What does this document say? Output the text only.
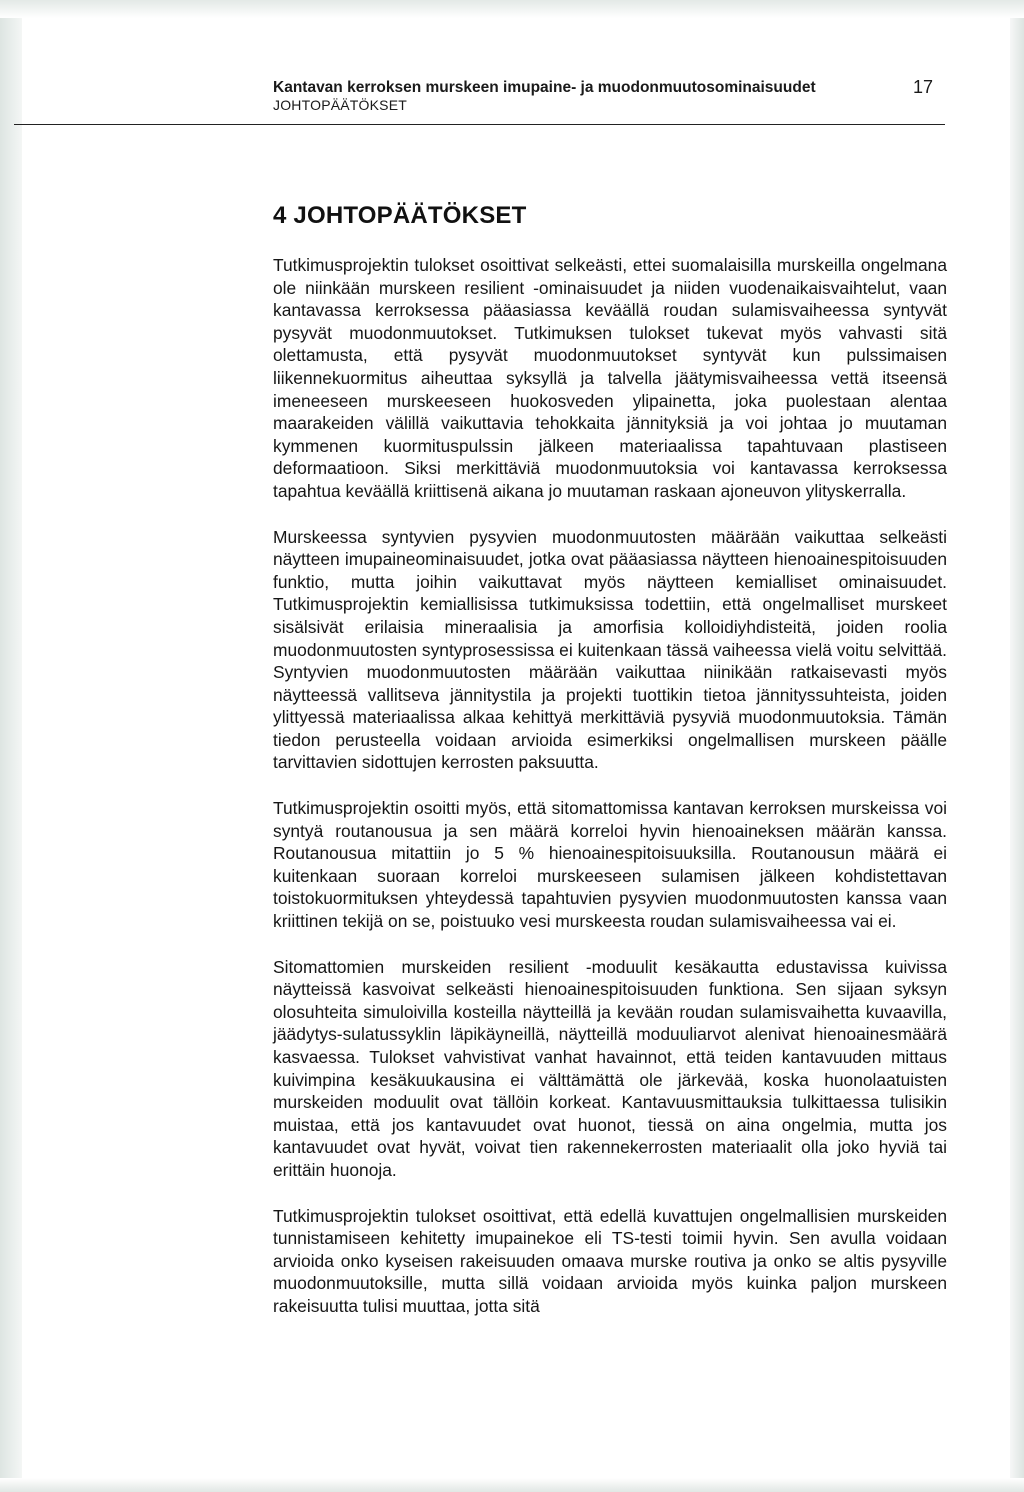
Kantavan kerroksen murskeen imupaine- ja muodonmuutosominaisuudet
JOHTOPÄÄTÖKSET
17
4 JOHTOPÄÄTÖKSET

Tutkimusprojektin tulokset osoittivat selkeästi, ettei suomalaisilla murskeilla ongelmana ole niinkään murskeen resilient -ominaisuudet ja niiden vuodenaikaisvaihtelut, vaan kantavassa kerroksessa pääasiassa keväällä roudan sulamisvaiheessa syntyvät pysyvät muodonmuutokset. Tutkimuksen tulokset tukevat myös vahvasti sitä olettamusta, että pysyvät muodonmuutokset syntyvät kun pulssimaisen liikennekuormitus aiheuttaa syksyllä ja talvella jäätymisvaiheessa vettä itseensä imeneeseen murskeeseen huokosveden ylipainetta, joka puolestaan alentaa maarakeiden välillä vaikuttavia tehokkaita jännityksiä ja voi johtaa jo muutaman kymmenen kuormituspulssin jälkeen materiaalissa tapahtuvaan plastiseen deformaatioon. Siksi merkittäviä muodonmuutoksia voi kantavassa kerroksessa tapahtua keväällä kriittisenä aikana jo muutaman raskaan ajoneuvon ylityskerralla.

Murskeessa syntyvien pysyvien muodonmuutosten määrään vaikuttaa selkeästi näytteen imupaineominaisuudet, jotka ovat pääasiassa näytteen hienoainespitoisuuden funktio, mutta joihin vaikuttavat myös näytteen kemialliset ominaisuudet. Tutkimusprojektin kemiallisissa tutkimuksissa todettiin, että ongelmalliset murskeet sisälsivät erilaisia mineraalisia ja amorfisia kolloidiyhdisteitä, joiden roolia muodonmuutosten syntyprosessissa ei kuitenkaan tässä vaiheessa vielä voitu selvittää. Syntyvien muodonmuutosten määrään vaikuttaa niinikään ratkaisevasti myös näytteessä vallitseva jännitystila ja projekti tuottikin tietoa jännityssuhteista, joiden ylittyessä materiaalissa alkaa kehittyä merkittäviä pysyviä muodonmuutoksia. Tämän tiedon perusteella voidaan arvioida esimerkiksi ongelmallisen murskeen päälle tarvittavien sidottujen kerrosten paksuutta.

Tutkimusprojektin osoitti myös, että sitomattomissa kantavan kerroksen murskeissa voi syntyä routanousua ja sen määrä korreloi hyvin hienoaineksen määrän kanssa. Routanousua mitattiin jo 5 % hienoainespitoisuuksilla. Routanousun määrä ei kuitenkaan suoraan korreloi murskeeseen sulamisen jälkeen kohdistettavan toistokuormituksen yhteydessä tapahtuvien pysyvien muodonmuutosten kanssa vaan kriittinen tekijä on se, poistuuko vesi murskeesta roudan sulamisvaiheessa vai ei.

Sitomattomien murskeiden resilient -moduulit kesäkautta edustavissa kuivissa näytteissä kasvoivat selkeästi hienoainespitoisuuden funktiona. Sen sijaan syksyn olosuhteita simuloivilla kosteilla näytteillä ja kevään roudan sulamisvaihetta kuvaavilla, jäädytys-sulatussyklin läpikäyneillä, näytteillä moduuliarvot alenivat hienoainesmäärä kasvaessa. Tulokset vahvistivat vanhat havainnot, että teiden kantavuuden mittaus kuivimpina kesäkuukausina ei välttämättä ole järkevää, koska huonolaatuisten murskeiden moduulit ovat tällöin korkeat. Kantavuusmittauksia tulkittaessa tulisikin muistaa, että jos kantavuudet ovat huonot, tiessä on aina ongelmia, mutta jos kantavuudet ovat hyvät, voivat tien rakennekerrosten materiaalit olla joko hyviä tai erittäin huonoja.

Tutkimusprojektin tulokset osoittivat, että edellä kuvattujen ongelmallisien murskeiden tunnistamiseen kehitetty imupainekoe eli TS-testi toimii hyvin. Sen avulla voidaan arvioida onko kyseisen rakeisuuden omaava murske routiva ja onko se altis pysyville muodonmuutoksille, mutta sillä voidaan arvioida myös kuinka paljon murskeen rakeisuutta tulisi muuttaa, jotta sitä
